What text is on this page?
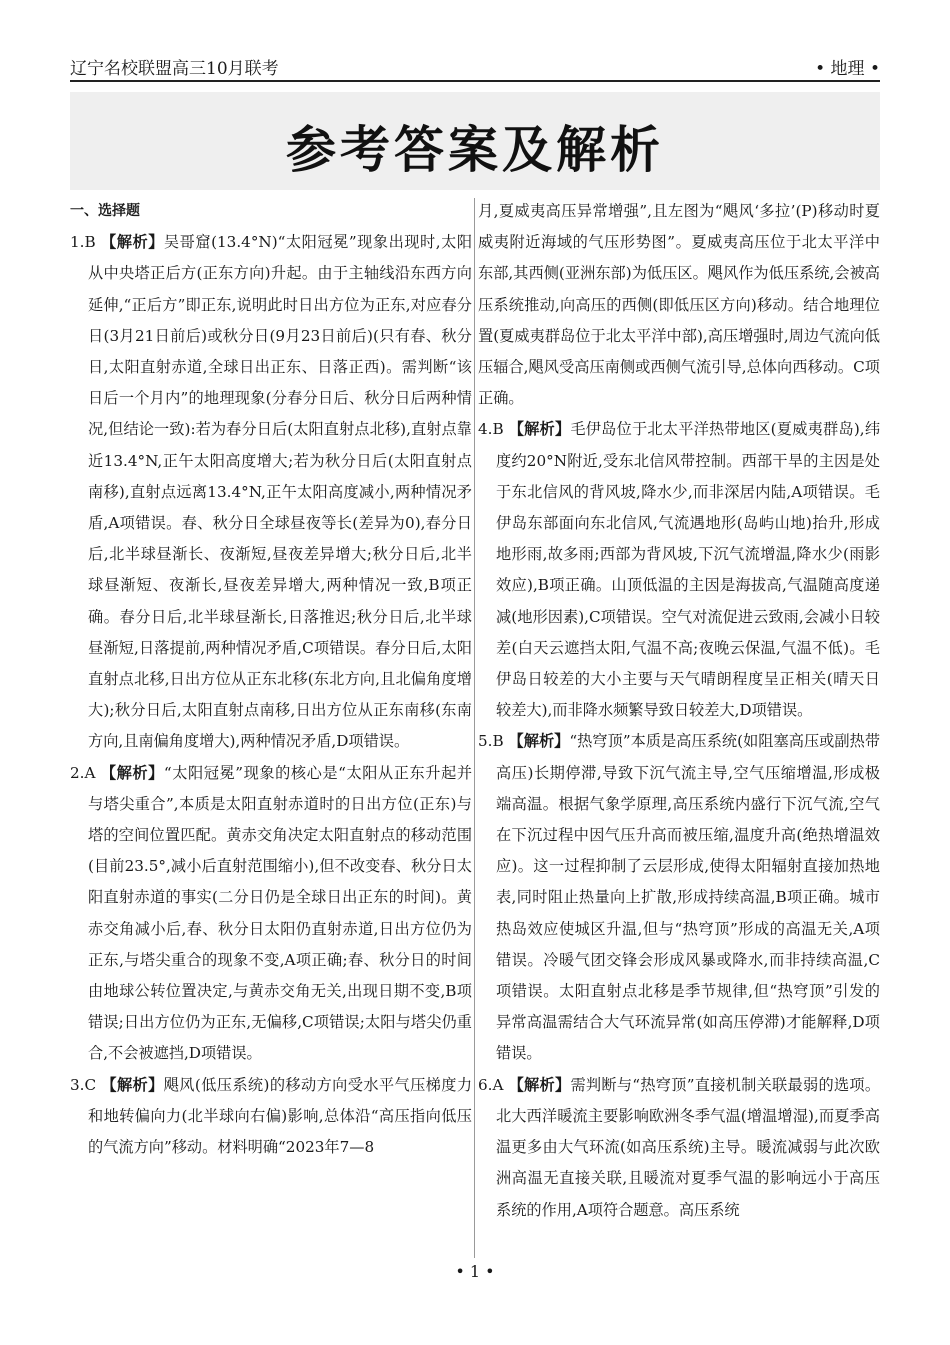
辽宁名校联盟高三10月联考	• 地理 •
参考答案及解析
一、选择题
1.B 【解析】吴哥窟(13.4°N)“太阳冠冕”现象出现时,太阳从中央塔正后方(正东方向)升起。由于主轴线沿东西方向延伸,“正后方”即正东,说明此时日出方位为正东,对应春分日(3月21日前后)或秋分日(9月23日前后)(只有春、秋分日,太阳直射赤道,全球日出正东、日落正西)。需判断“该日后一个月内”的地理现象(分春分日后、秋分日后两种情况,但结论一致):若为春分日后(太阳直射点北移),直射点靠近13.4°N,正午太阳高度增大;若为秋分日后(太阳直射点南移),直射点远离13.4°N,正午太阳高度减小,两种情况矛盾,A项错误。春、秋分日全球昼夜等长(差异为0),春分日后,北半球昼渐长、夜渐短,昼夜差异增大;秋分日后,北半球昼渐短、夜渐长,昼夜差异增大,两种情况一致,B项正确。春分日后,北半球昼渐长,日落推迟;秋分日后,北半球昼渐短,日落提前,两种情况矛盾,C项错误。春分日后,太阳直射点北移,日出方位从正东北移(东北方向,且北偏角度增大);秋分日后,太阳直射点南移,日出方位从正东南移(东南方向,且南偏角度增大),两种情况矛盾,D项错误。
2.A 【解析】“太阳冠冕”现象的核心是“太阳从正东升起并与塔尖重合”,本质是太阳直射赤道时的日出方位(正东)与塔的空间位置匹配。黄赤交角决定太阳直射点的移动范围(目前23.5°,减小后直射范围缩小),但不改变春、秋分日太阳直射赤道的事实(二分日仍是全球日出正东的时间)。黄赤交角减小后,春、秋分日太阳仍直射赤道,日出方位仍为正东,与塔尖重合的现象不变,A项正确;春、秋分日的时间由地球公转位置决定,与黄赤交角无关,出现日期不变,B项错误;日出方位仍为正东,无偏移,C项错误;太阳与塔尖仍重合,不会被遮挡,D项错误。
3.C 【解析】飓风(低压系统)的移动方向受水平气压梯度力和地转偏向力(北半球向右偏)影响,总体沿“高压指向低压的气流方向”移动。材料明确“2023年7—8
月,夏威夷高压异常增强”,且左图为“飓风‘多拉’(P)移动时夏威夷附近海域的气压形势图”。夏威夷高压位于北太平洋中东部,其西侧(亚洲东部)为低压区。飓风作为低压系统,会被高压系统推动,向高压的西侧(即低压区方向)移动。结合地理位置(夏威夷群岛位于北太平洋中部),高压增强时,周边气流向低压辐合,飓风受高压南侧或西侧气流引导,总体向西移动。C项正确。
4.B 【解析】毛伊岛位于北太平洋热带地区(夏威夷群岛),纬度约20°N附近,受东北信风带控制。西部干旱的主因是处于东北信风的背风坡,降水少,而非深居内陆,A项错误。毛伊岛东部面向东北信风,气流遇地形(岛屿山地)抬升,形成地形雨,故多雨;西部为背风坡,下沉气流增温,降水少(雨影效应),B项正确。山顶低温的主因是海拔高,气温随高度递减(地形因素),C项错误。空气对流促进云致雨,会减小日较差(白天云遮挡太阳,气温不高;夜晚云保温,气温不低)。毛伊岛日较差的大小主要与天气晴朗程度呈正相关(晴天日较差大),而非降水频繁导致日较差大,D项错误。
5.B 【解析】“热穹顶”本质是高压系统(如阻塞高压或副热带高压)长期停滞,导致下沉气流主导,空气压缩增温,形成极端高温。根据气象学原理,高压系统内盛行下沉气流,空气在下沉过程中因气压升高而被压缩,温度升高(绝热增温效应)。这一过程抑制了云层形成,使得太阳辐射直接加热地表,同时阻止热量向上扩散,形成持续高温,B项正确。城市热岛效应使城区升温,但与“热穹顶”形成的高温无关,A项错误。冷暖气团交锋会形成风暴或降水,而非持续高温,C项错误。太阳直射点北移是季节规律,但“热穹顶”引发的异常高温需结合大气环流异常(如高压停滞)才能解释,D项错误。
6.A 【解析】需判断与“热穹顶”直接机制关联最弱的选项。北大西洋暖流主要影响欧洲冬季气温(增温增湿),而夏季高温更多由大气环流(如高压系统)主导。暖流减弱与此次欧洲高温无直接关联,且暖流对夏季气温的影响远小于高压系统的作用,A项符合题意。高压系统
• 1 •
